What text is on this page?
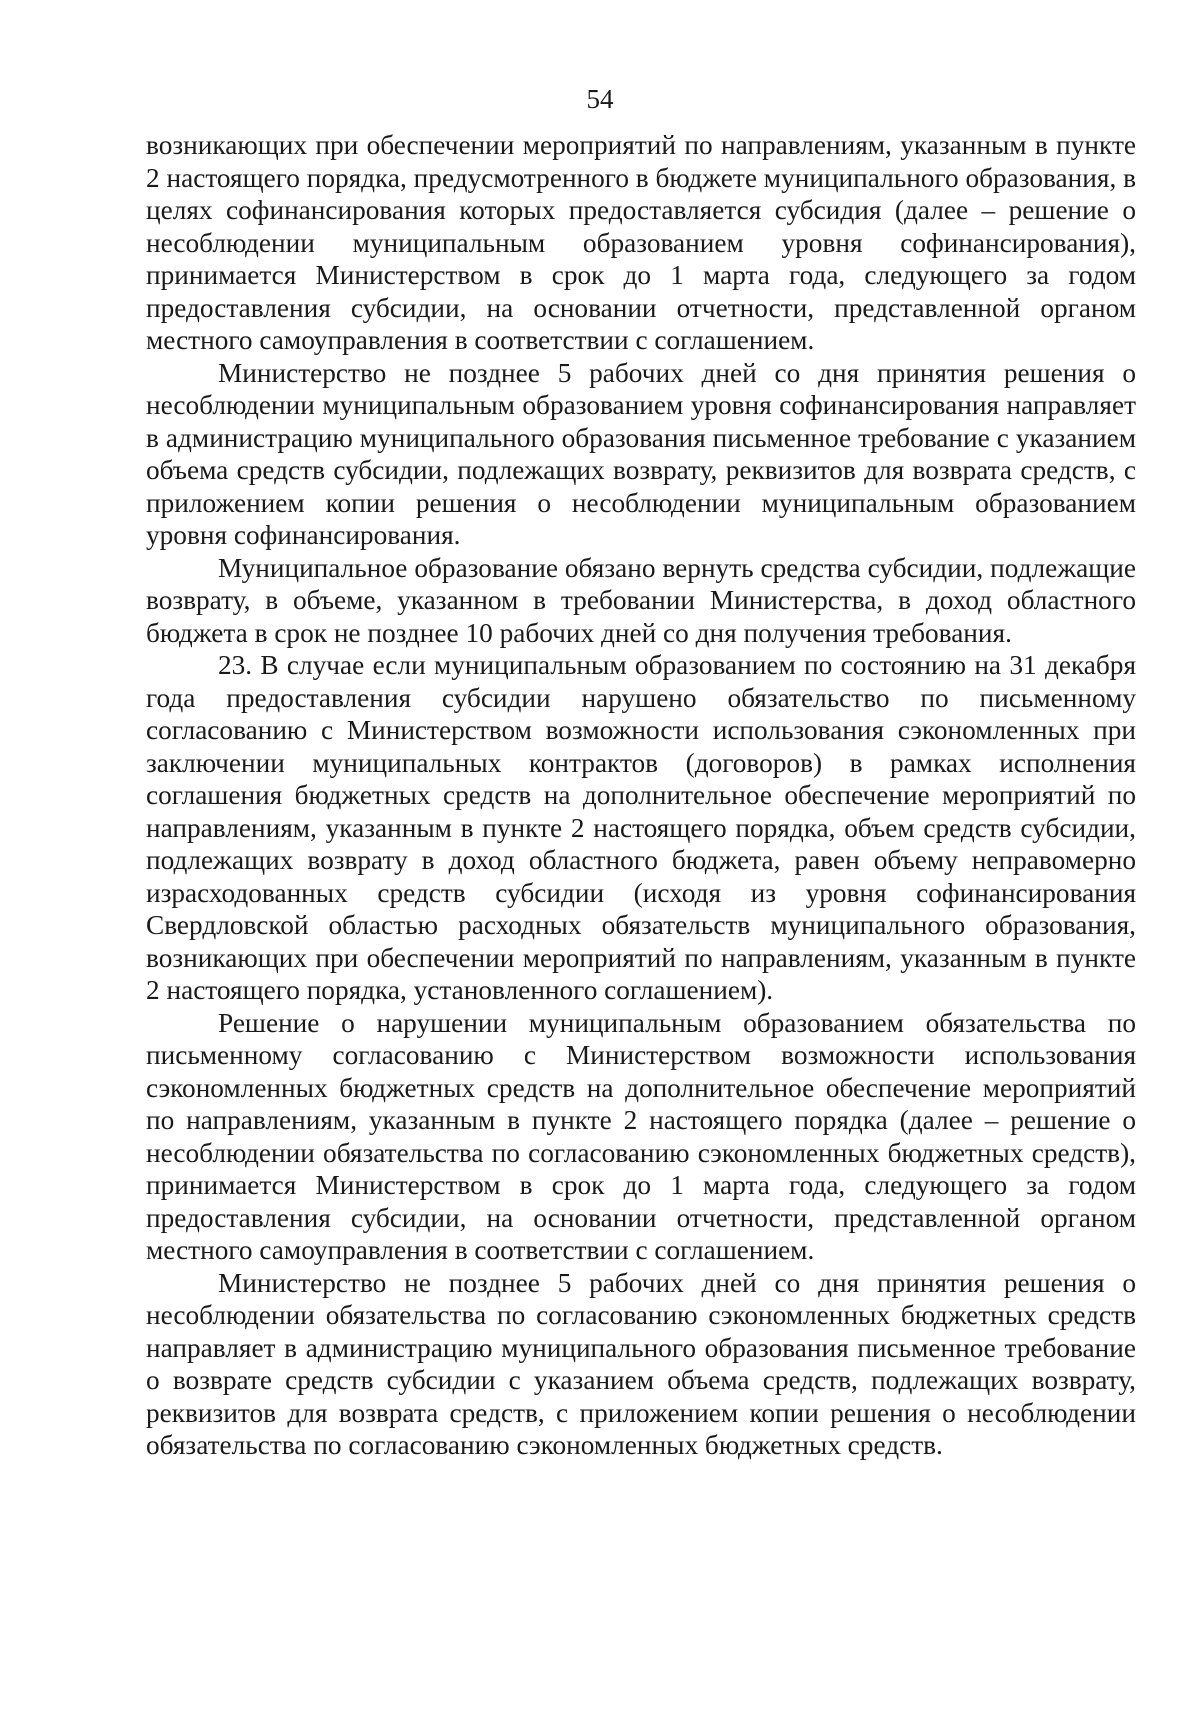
54

возникающих при обеспечении мероприятий по направлениям, указанным в пункте 2 настоящего порядка, предусмотренного в бюджете муниципального образования, в целях софинансирования которых предоставляется субсидия (далее – решение о несоблюдении муниципальным образованием уровня софинансирования), принимается Министерством в срок до 1 марта года, следующего за годом предоставления субсидии, на основании отчетности, представленной органом местного самоуправления в соответствии с соглашением.

Министерство не позднее 5 рабочих дней со дня принятия решения о несоблюдении муниципальным образованием уровня софинансирования направляет в администрацию муниципального образования письменное требование с указанием объема средств субсидии, подлежащих возврату, реквизитов для возврата средств, с приложением копии решения о несоблюдении муниципальным образованием уровня софинансирования.

Муниципальное образование обязано вернуть средства субсидии, подлежащие возврату, в объеме, указанном в требовании Министерства, в доход областного бюджета в срок не позднее 10 рабочих дней со дня получения требования.

23. В случае если муниципальным образованием по состоянию на 31 декабря года предоставления субсидии нарушено обязательство по письменному согласованию с Министерством возможности использования сэкономленных при заключении муниципальных контрактов (договоров) в рамках исполнения соглашения бюджетных средств на дополнительное обеспечение мероприятий по направлениям, указанным в пункте 2 настоящего порядка, объем средств субсидии, подлежащих возврату в доход областного бюджета, равен объему неправомерно израсходованных средств субсидии (исходя из уровня софинансирования Свердловской областью расходных обязательств муниципального образования, возникающих при обеспечении мероприятий по направлениям, указанным в пункте 2 настоящего порядка, установленного соглашением).

Решение о нарушении муниципальным образованием обязательства по письменному согласованию с Министерством возможности использования сэкономленных бюджетных средств на дополнительное обеспечение мероприятий по направлениям, указанным в пункте 2 настоящего порядка (далее – решение о несоблюдении обязательства по согласованию сэкономленных бюджетных средств), принимается Министерством в срок до 1 марта года, следующего за годом предоставления субсидии, на основании отчетности, представленной органом местного самоуправления в соответствии с соглашением.

Министерство не позднее 5 рабочих дней со дня принятия решения о несоблюдении обязательства по согласованию сэкономленных бюджетных средств направляет в администрацию муниципального образования письменное требование о возврате средств субсидии с указанием объема средств, подлежащих возврату, реквизитов для возврата средств, с приложением копии решения о несоблюдении обязательства по согласованию сэкономленных бюджетных средств.
